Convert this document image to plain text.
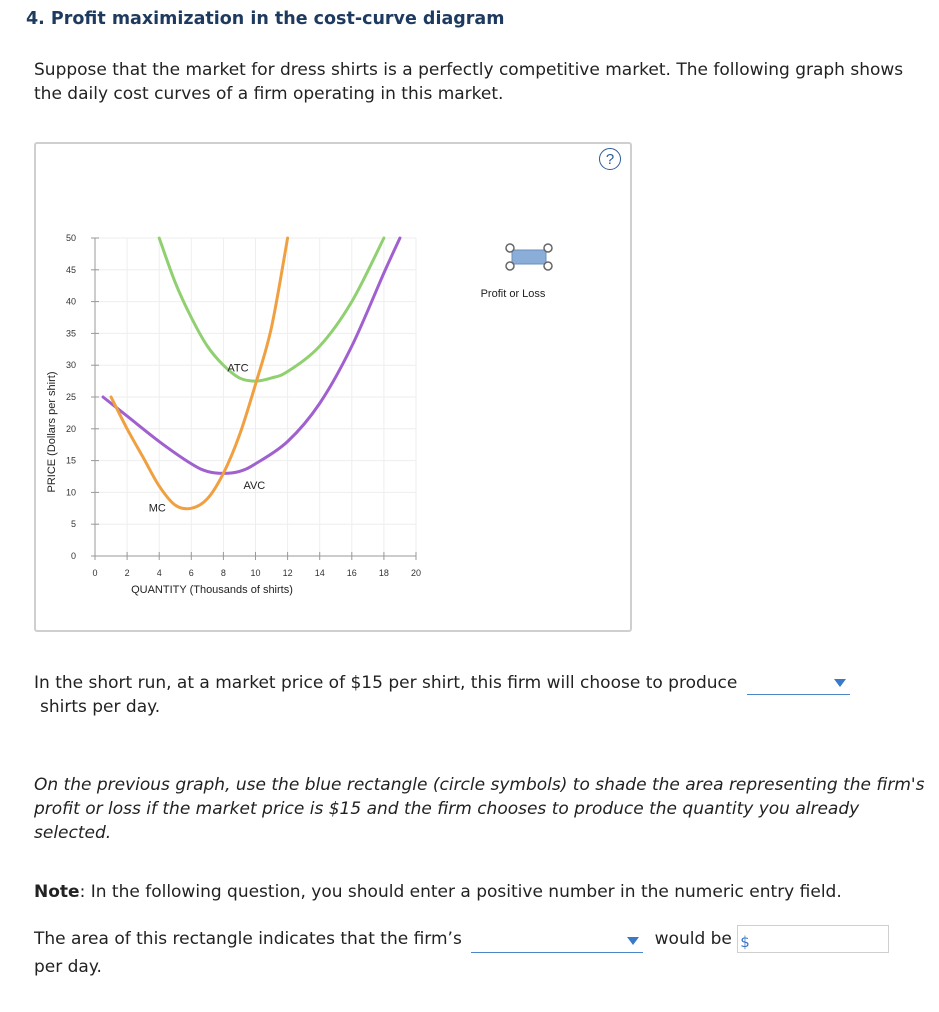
4. Profit maximization in the cost-curve diagram
Suppose that the market for dress shirts is a perfectly competitive market. The following graph shows the daily cost curves of a firm operating in this market.
?
0	2	4	6	8	10 12 14 16 18 20
0
5
10
15
20
25
30
35
40
45
50
QUANTITY (Thousands of shirts)
PRICE (Dollars per shirt)
ATC
AVC
MC
Profit or Loss
In the short run, at a market price of $15 per shirt, this firm will choose to produce
shirts per day.
On the previous graph, use the blue rectangle (circle symbols) to shade the area representing the firm's profit or loss if the market price is $15 and the firm chooses to produce the quantity you already selected.
Note: In the following question, you should enter a positive number in the numeric entry field.
The area of this rectangle indicates that the firm’s	would be $

per day.
